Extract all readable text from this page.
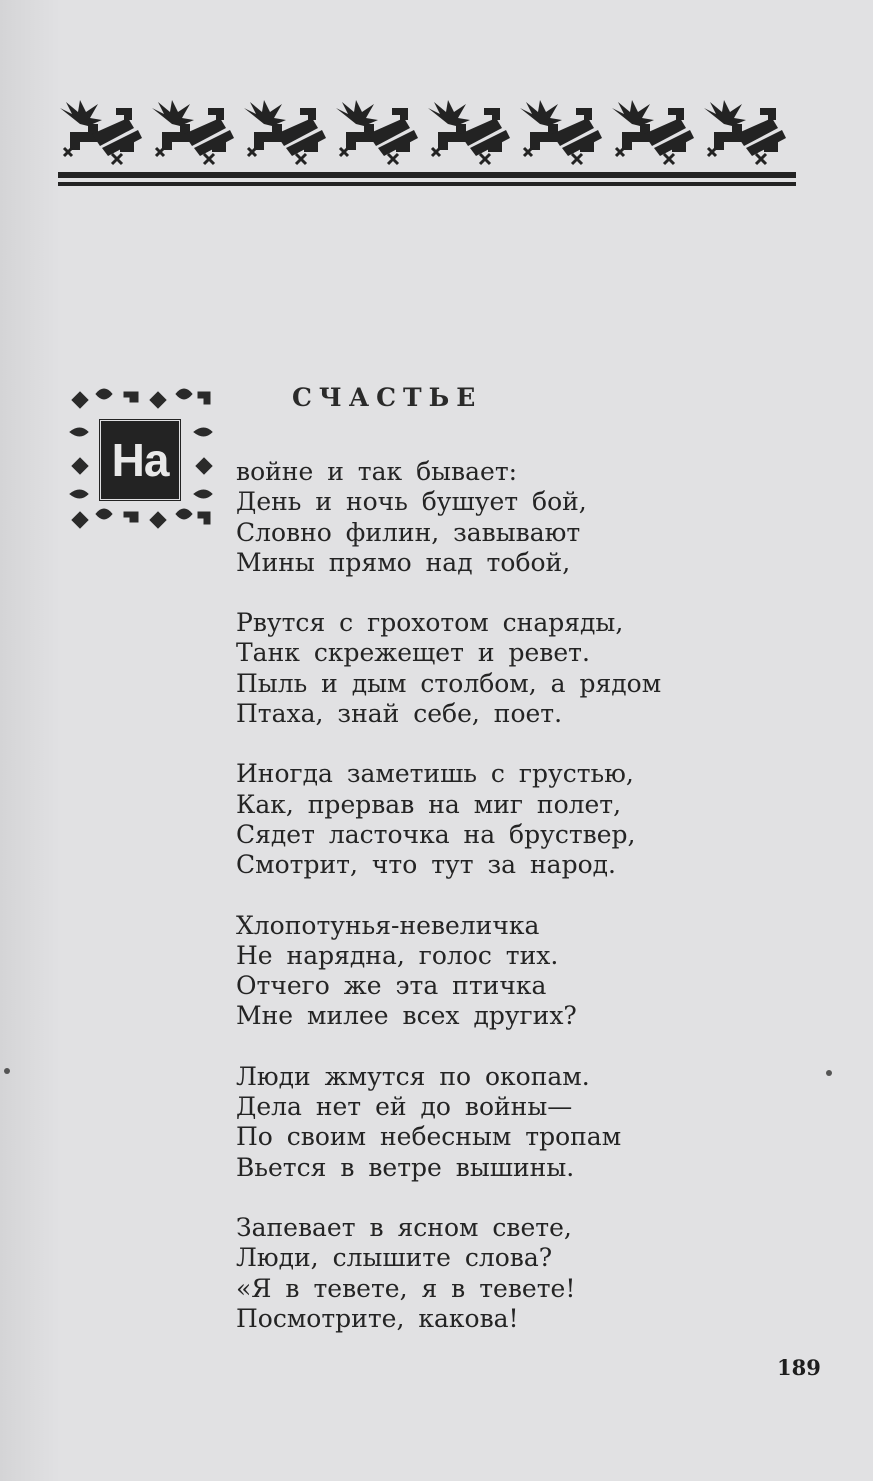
СЧАСТЬЕ
На	войне и так бывает:
День и ночь бушует бой,
Словно филин, завывают
Мины прямо над тобой,
Рвутся с грохотом снаряды,
Танк скрежещет и ревет.
Пыль и дым столбом, а рядом
Птаха, знай себе, поет.
Иногда заметишь с грустью,
Как, прервав на миг полет,
Сядет ласточка на бруствер,
Смотрит, что тут за народ.
Хлопотунья-невеличка
Не нарядна, голос тих.
Отчего же эта птичка
Мне милее всех других?
Люди жмутся по окопам.
Дела нет ей до войны—
По своим небесным тропам
Вьется в ветре вышины.
Запевает в ясном свете,
Люди, слышите слова?
«Я в тевете, я в тевете!
Посмотрите, какова!
189
